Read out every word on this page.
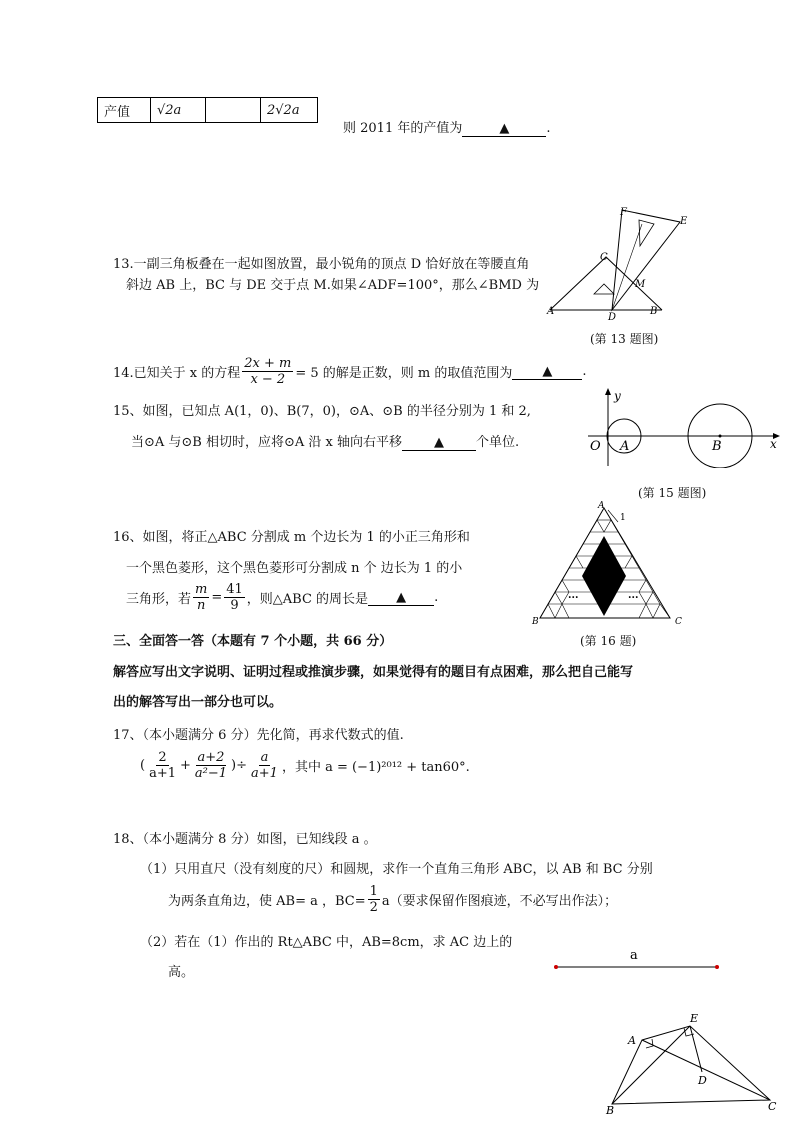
产值	√2a		2√2a
则 2011 年的产值为	▲	.
13.一副三角板叠在一起如图放置，最小锐角的顶点 D 恰好放在等腰直角
斜边 AB 上，BC 与 DE 交于点 M.如果∠ADF=100°，那么∠BMD 为
F
E
C
M
A
D
B
(第 13 题图)
14.已知关于 x 的方程 $\frac{2x + m}{x - 2} = 5$ 的解是正数，则 m 的取值范围为	▲	.
15、如图，已知点 A(1，0)、B(7，0)，⊙A、⊙B 的半径分别为 1 和 2,
当⊙A 与⊙B 相切时，应将⊙A 沿 x 轴向右平移 ▲ 个单位.
y
O A	B	x
(第 15 题图)
16、如图，将正△ABC 分割成 m 个边长为 1 的小正三角形和
一个黑色菱形，这个黑色菱形可分割成 n 个 边长为 1 的小
三角形，若 $\frac{m}{n} = \frac{41}{9}$ ，则△ABC 的周长是	▲	.
A
1
B	C
...	...
(第 16 题)
三、全面答一答（本题有 7 个小题，共 66 分）
解答应写出文字说明、证明过程或推演步骤，如果觉得有的题目有点困难，那么把自己能写
出的解答写出一部分也可以。
17、（本小题满分 6 分）先化简，再求代数式的值.
( $\frac{2}{a+1} + \frac{a+2}{\text{a²−1}}$ )÷ $\frac{a}{a+1}$ ，其中 a = (−1)²⁰¹² + tan60°.
18、（本小题满分 8 分）如图，已知线段 a 。
（1）只用直尺（没有刻度的尺）和圆规，求作一个直角三角形 ABC，以 AB 和 BC 分别
为两条直角边，使 AB= a ，$BC= \frac{1}{2} a$（要求保留作图痕迹，不必写出作法）；
（2）若在（1）作出的 Rt△ABC 中，AB=8cm，求 AC 边上的
高。
a
E
A
D
B	C
